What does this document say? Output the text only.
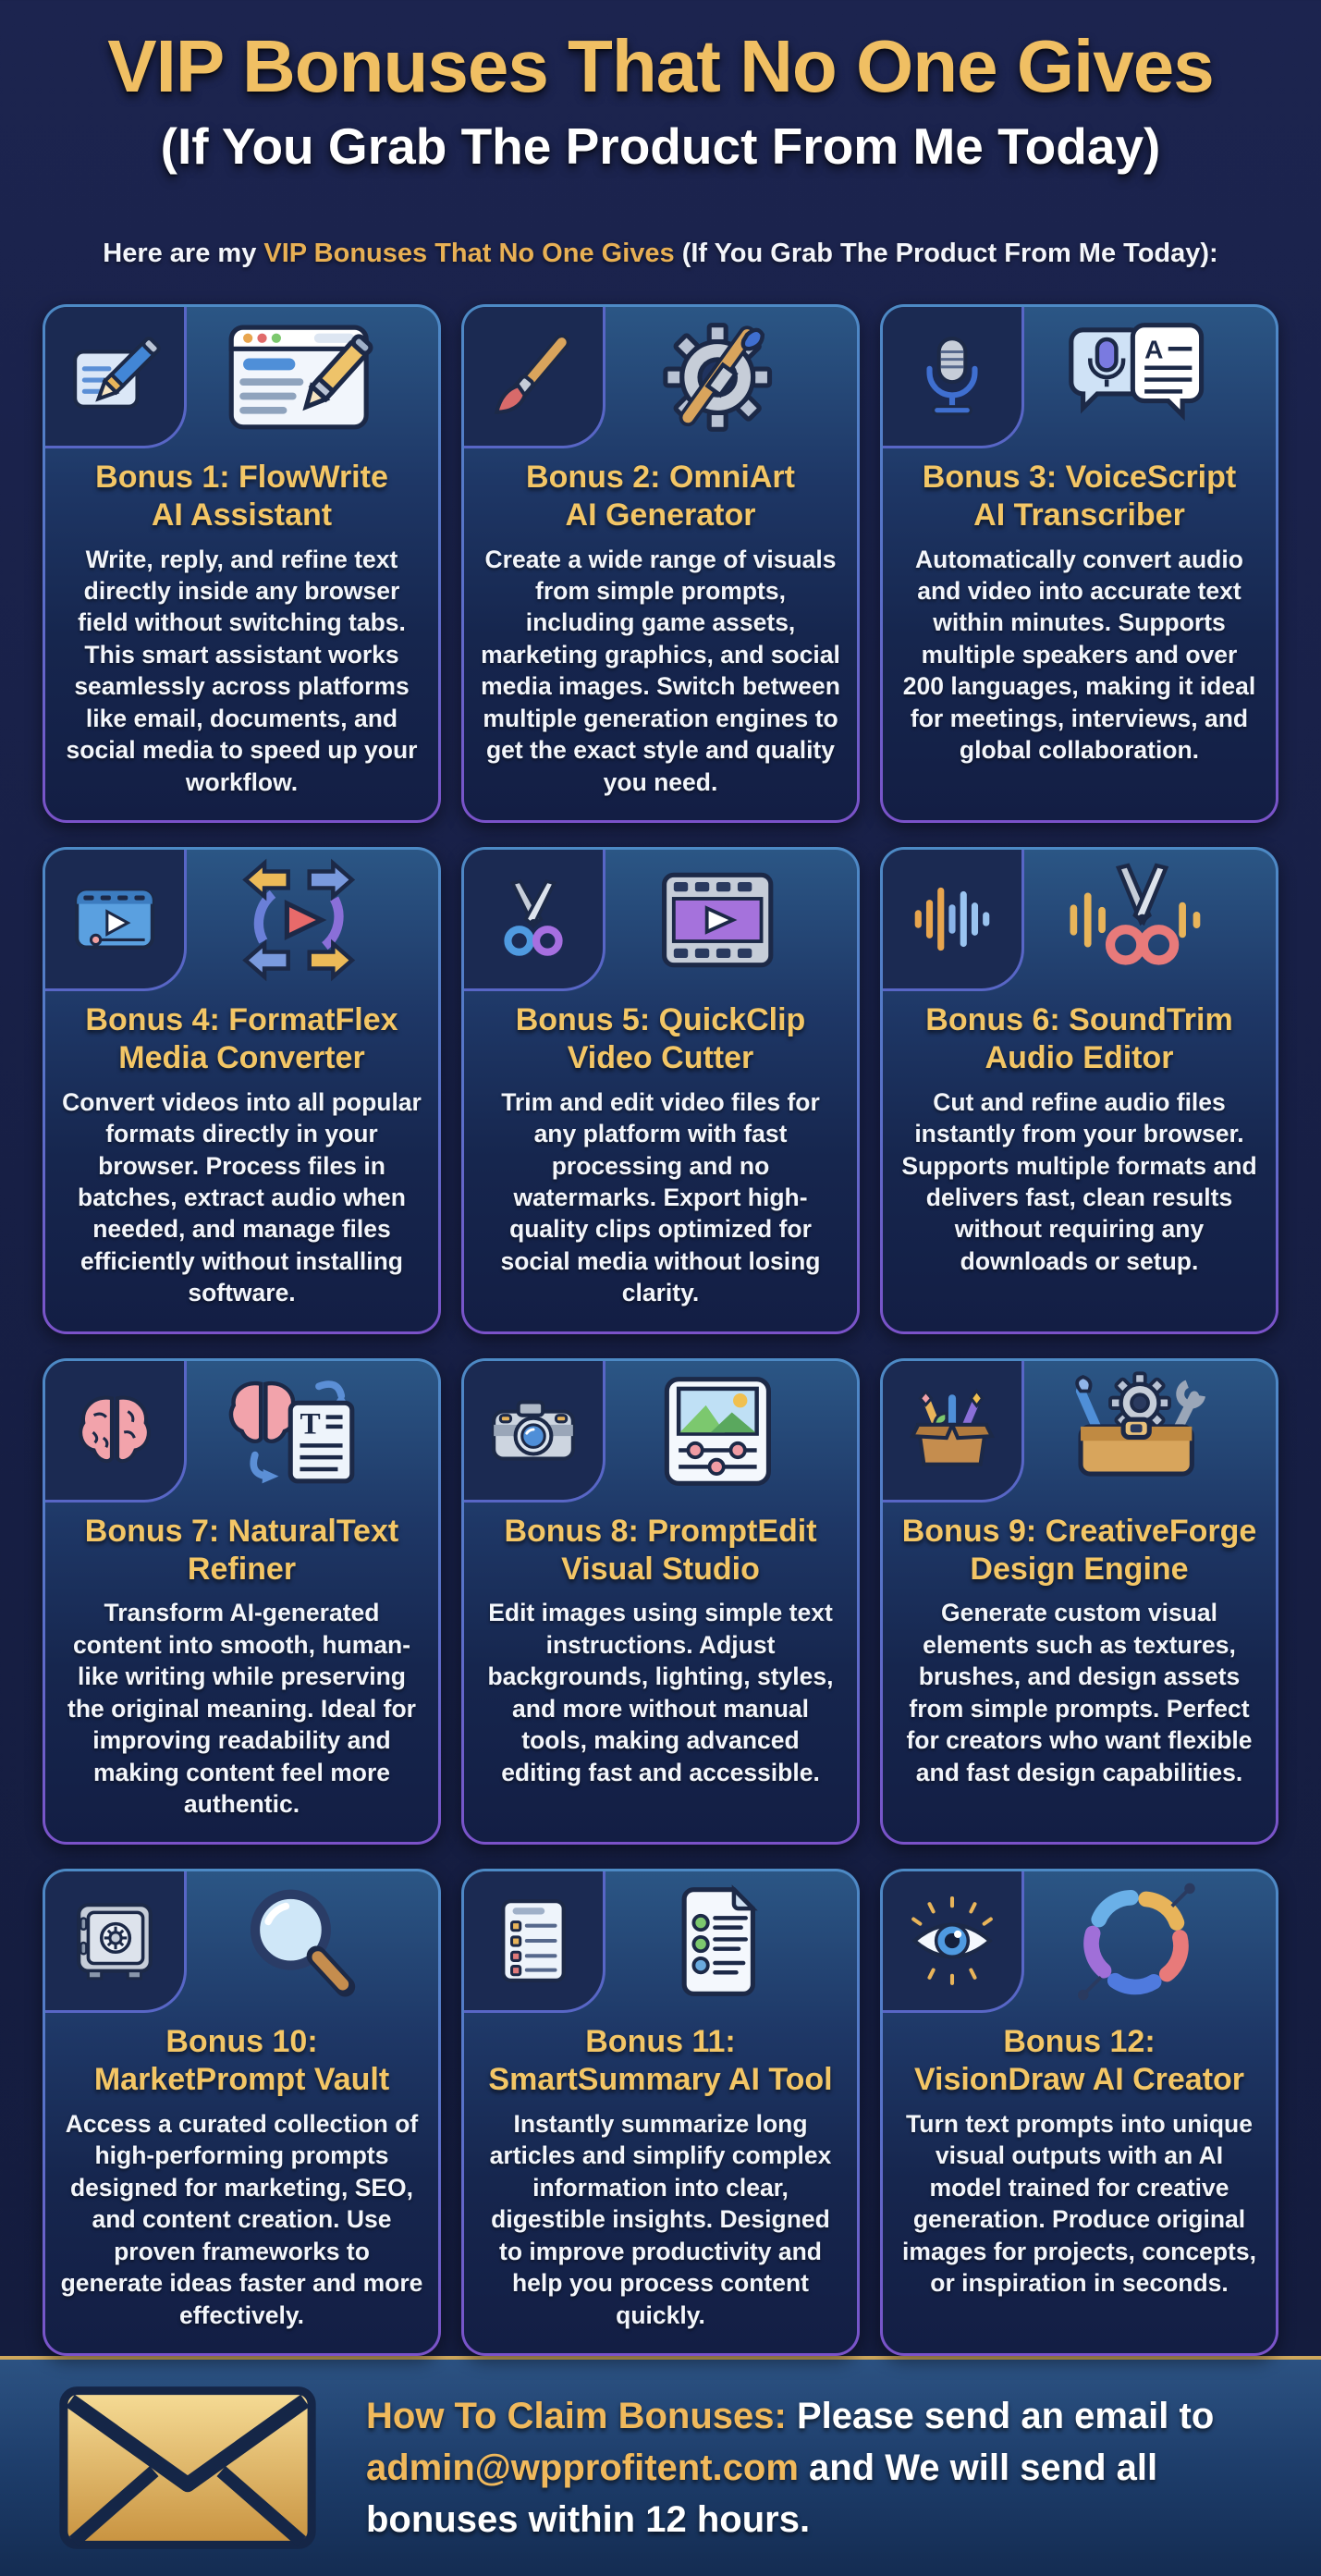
VIP Bonuses That No One Gives
(If You Grab The Product From Me Today)
Here are my VIP Bonuses That No One Gives (If You Grab The Product From Me Today):
Bonus 1: FlowWrite
AI Assistant

Write, reply, and refine text directly inside any browser field without switching tabs. This smart assistant works seamlessly across platforms like email, documents, and social media to speed up your workflow.

Bonus 2: OmniArt
AI Generator

Create a wide range of visuals from simple prompts, including game assets, marketing graphics, and social media images. Switch between multiple generation engines to get the exact style and quality you need.

A
Bonus 3: VoiceScript
AI Transcriber

Automatically convert audio and video into accurate text within minutes. Supports multiple speakers and over 200 languages, making it ideal for meetings, interviews, and global collaboration.

Bonus 4: FormatFlex
Media Converter

Convert videos into all popular formats directly in your browser. Process files in batches, extract audio when needed, and manage files efficiently without installing software.

Bonus 5: QuickClip
Video Cutter

Trim and edit video files for any platform with fast processing and no watermarks. Export high-quality clips optimized for social media without losing clarity.

Bonus 6: SoundTrim
Audio Editor

Cut and refine audio files instantly from your browser. Supports multiple formats and delivers fast, clean results without requiring any downloads or setup.

T
Bonus 7: NaturalText
Refiner

Transform AI-generated content into smooth, human-like writing while preserving the original meaning. Ideal for improving readability and making content feel more authentic.

Bonus 8: PromptEdit
Visual Studio

Edit images using simple text instructions. Adjust backgrounds, lighting, styles, and more without manual tools, making advanced editing fast and accessible.

Bonus 9: CreativeForge
Design Engine

Generate custom visual elements such as textures, brushes, and design assets from simple prompts. Perfect for creators who want flexible and fast design capabilities.

Bonus 10:
MarketPrompt Vault

Access a curated collection of high-performing prompts designed for marketing, SEO, and content creation. Use proven frameworks to generate ideas faster and more effectively.

Bonus 11:
SmartSummary AI Tool

Instantly summarize long articles and simplify complex information into clear, digestible insights. Designed to improve productivity and help you process content quickly.

Bonus 12:
VisionDraw AI Creator

Turn text prompts into unique visual outputs with an AI model trained for creative generation. Produce original images for projects, concepts, or inspiration in seconds.

How To Claim Bonuses: Please send an email to admin@wpprofitent.com and We will send all bonuses within 12 hours.
